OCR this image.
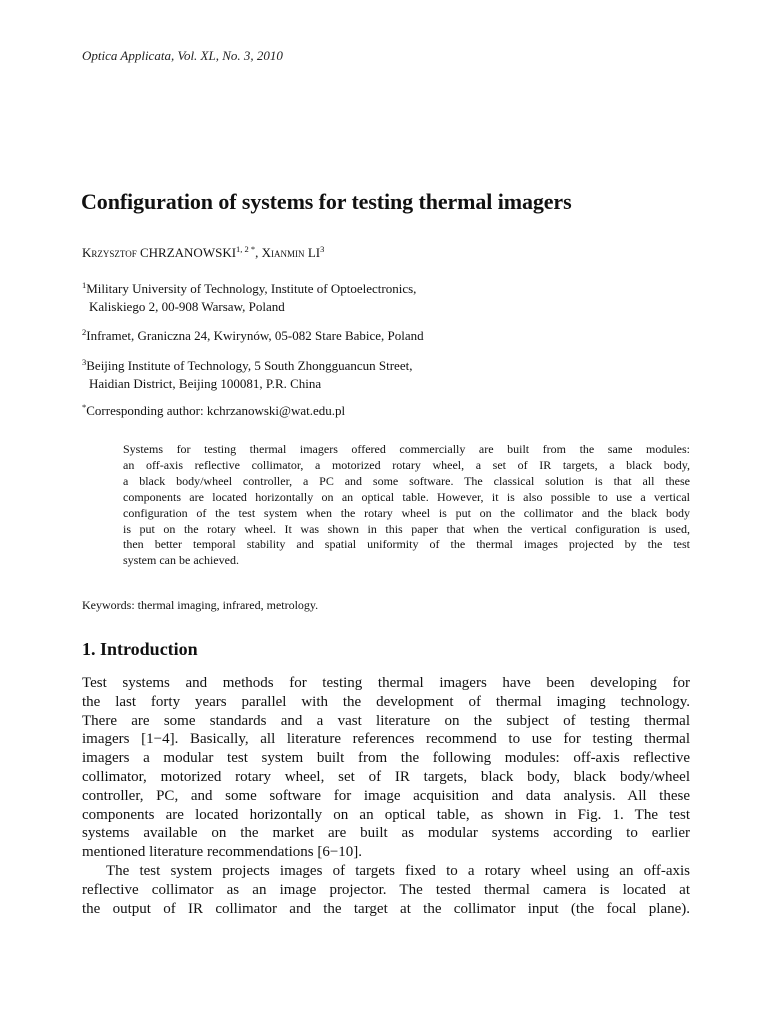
Optica Applicata, Vol. XL, No. 3, 2010
Configuration of systems for testing thermal imagers
Krzysztof $CHRZANOWSKI^{1, 2 *}$, Xianmin $LI^3$
$^1$Military University of Technology, Institute of Optoelectronics,
Kaliskiego 2, 00-908 Warsaw, Poland
$^2$Inframet, Graniczna 24, Kwirynów, 05-082 Stare Babice, Poland
$^3$Beijing Institute of Technology, 5 South Zhongguancun Street,
Haidian District, Beijing 100081, P.R. China
*Corresponding author: kchrzanowski@wat.edu.pl
Systems for testing thermal imagers offered commercially are built from the same modules:
an off-axis reflective collimator, a motorized rotary wheel, a set of IR targets, a black body,
a black body/wheel controller, a PC and some software. The classical solution is that all these
components are located horizontally on an optical table. However, it is also possible to use a vertical
configuration of the test system when the rotary wheel is put on the collimator and the black body
is put on the rotary wheel. It was shown in this paper that when the vertical configuration is used,
then better temporal stability and spatial uniformity of the thermal images projected by the test
system can be achieved.
Keywords: thermal imaging, infrared, metrology.
1. Introduction
Test systems and methods for testing thermal imagers have been developing for
the last forty years parallel with the development of thermal imaging technology.
There are some standards and a vast literature on the subject of testing thermal
imagers [1−4]. Basically, all literature references recommend to use for testing thermal
imagers a modular test system built from the following modules: off-axis reflective
collimator, motorized rotary wheel, set of IR targets, black body, black body/wheel
controller, PC, and some software for image acquisition and data analysis. All these
components are located horizontally on an optical table, as shown in Fig. 1. The test
systems available on the market are built as modular systems according to earlier
mentioned literature recommendations [6−10].
The test system projects images of targets fixed to a rotary wheel using an off-axis
reflective collimator as an image projector. The tested thermal camera is located at
the output of IR collimator and the target at the collimator input (the focal plane).
